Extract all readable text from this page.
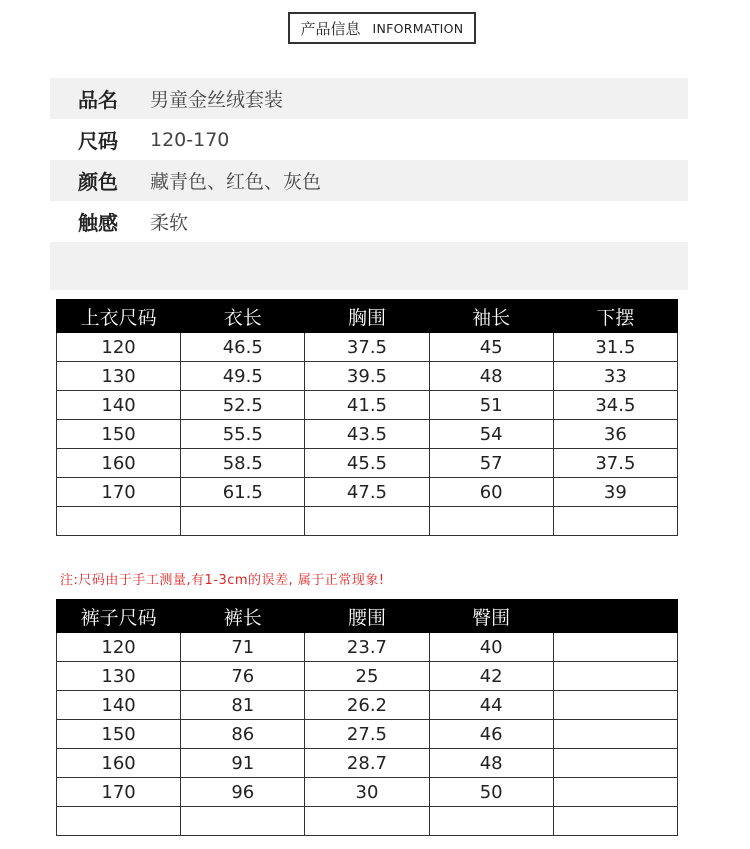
产品信息 INFORMATION
品名	男童金丝绒套装
尺码	120-170
颜色	藏青色、红色、灰色
触感	柔软
上衣尺码	衣长	胸围	袖长	下摆
120	46.5	37.5	45	31.5
130	49.5	39.5	48	33
140	52.5	41.5	51	34.5
150	55.5	43.5	54	36
160	58.5	45.5	57	37.5
170	61.5	47.5	60	39

注:尺码由于手工测量,有1-3cm的误差, 属于正常现象!
裤子尺码	裤长	腰围	臀围	
120	71	23.7	40	
130	76	25	42	
140	81	26.2	44	
150	86	27.5	46	
160	91	28.7	48	
170	96	30	50	
